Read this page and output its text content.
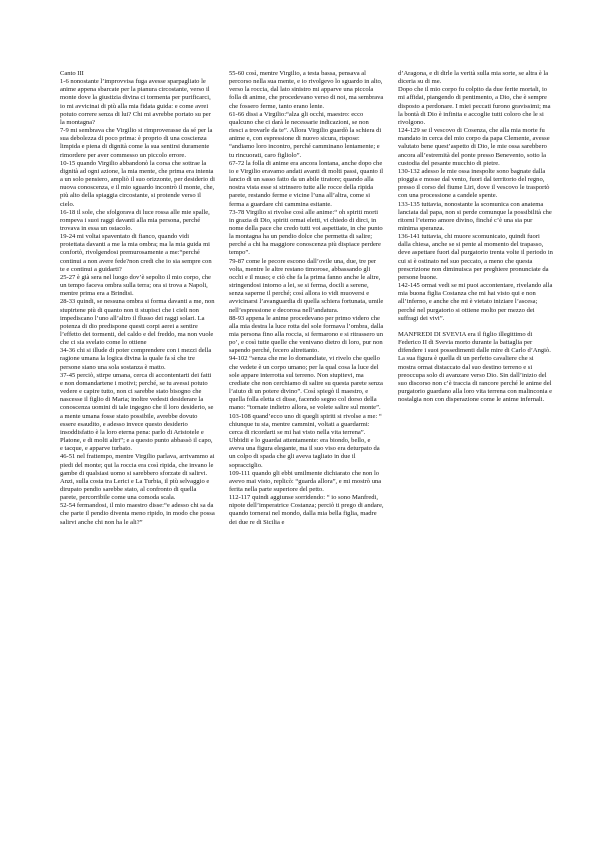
Canto III

1-6 nonostante l’improvvisa fuga avesse sparpagliato le anime appena sbarcate per la pianura circostante, verso il monte dove la giustizia divina ci tormenta per purificarci, io mi avvicinai di più alla mia fidata guida: e come avrei potuto correre senza di lui? Chi mi avrebbe portato su per la montagna?

7-9 mi sembrava che Virgilio si rimproverasse da sé per la sua debolezza di poco prima: è proprio di una coscienza limpida e piena di dignità come la sua sentirsi duramente rimordere per aver commesso un piccolo errore.

10-15 quando Virgilio abbandonò la corsa che sottrae la dignità ad ogni azione, la mia mente, che prima era intenta a un solo pensiero, ampliò il suo orizzonte, per desiderio di nuova conoscenza, e il mio sguardo incontrò il monte, che, più alto della spiaggia circostante, si protende verso il cielo.

16-18 il sole, che sfolgorava di luce rossa alle mie spalle, rompeva i suoi raggi davanti alla mia persona, perché trovava in essa un ostacolo.

19-24 mi voltai spaventato di fianco, quando vidi proiettata davanti a me la mia ombra; ma la mia guida mi confortò, rivolgendosi premurosamente a me:“perché continui a non avere fede?non credi che io sia sempre con te e continui a guidarti?

25-27 è già sera nel luogo dov’è sepolto il mio corpo, che un tempo faceva ombra sulla terra; ora si trova a Napoli, mentre prima era a Brindisi.

28-33 quindi, se nessuna ombra si forma davanti a me, non stupirtene più di quanto non ti stupisci che i cieli non impediscano l’uno all’altro il flusso dei raggi solari. La potenza di dio predispone questi corpi aerei a sentire l’effetto dei tormenti, del caldo e del freddo, ma non vuole che ci sia svelato come lo ottiene

34-36 chi si illude di poter comprendere con i mezzi della ragione umana la logica divina la quale fa sì che tre persone siano una sola sostanza è matto.

37-45 perciò, stirpe umana, cerca di accontentarti dei fatti e non domandartene i motivi; perché, se tu avessi potuto vedere e capire tutto, non ci sarebbe stato bisogno che nascesse il figlio di Maria; inoltre vedesti desiderare la conoscenza uomini di tale ingegno che il loro desiderio, se a mente umana fosse stato possibile, avrebbe dovuto essere esaudito, e adesso invece questo desiderio insoddisfatto è la loro eterna pena: parlo di Aristotele e Platone, e di molti altri”; e a questo punto abbassò il capo, e tacque, e apparve turbato.

46-51 nel frattempo, mentre Virgilio parlava, arrivammo ai piedi del monte; qui la roccia era così ripida, che invano le gambe di qualsiasi uomo si sarebbero sforzate di salirvi. Anzi, sulla costa tra Lerici e La Turbia, il più selvaggio e dirupato pendio sarebbe stato, al confronto di quella parete, percorribile come una comoda scala.

52-54 fermandosi, il mio maestro disse:“e adesso chi sa da che parte il pendio diventa meno ripido, in modo che possa salirvi anche chi non ha le ali?”

55-60 così, mentre Virgilio, a testa bassa, pensava al percorso nella sua mente, e io rivolgevo lo sguardo in alto, verso la roccia, dal lato sinistro mi apparve una piccola folla di anime, che procedevano verso di noi, ma sembrava che fossero ferme, tanto erano lente.

61-66 dissi a Virgilio:“alza gli occhi, maestro: ecco qualcuno che ci darà le necessarie indicazioni, se non riesci a trovarle da te”. Allora Virgilio guardò la schiera di anime e, con espressione di nuovo sicura, rispose: “andiamo loro incontro, perché camminano lentamente; e tu rincuorati, caro figliolo”.

67-72 la folla di anime era ancora lontana, anche dopo che io e Virgilio eravamo andati avanti di molti passi, quanto il lancio di un sasso fatto da un abile tiratore; quando alla nostra vista esse si strinsero tutte alle rocce della ripida parete, restando ferme e vicine l’una all’altra, come si ferma a guardare chi cammina esitante.

73-78 Virgilio si rivolse così alle anime:“ oh spiriti morti in grazia di Dio, spiriti ormai eletti, vi chiedo di dirci, in nome della pace che credo tutti voi aspettiate, in che punto la montagna ha un pendio dolce che permetta di salire; perché a chi ha maggiore conoscenza più dispiace perdere tempo”.

79-87 come le pecore escono dall’ovile una, due, tre per volta, mentre le altre restano timorose, abbassando gli occhi e il muso; e ciò che fa la prima fanno anche le altre, stringendosi intorno a lei, se si ferma, docili a serene, senza saperne il perché; così allora io vidi muoversi e avvicinarsi l’avanguardia di quella schiera fortunata, umile nell’espressione e decorosa nell’andatura.

88-93 appena le anime procedevano per primo videro che alla mia destra la luce rotta del sole formava l’ombra, dalla mia persona fino alla roccia, si fermarono e si ritrassero un po’, e così tutte quelle che venivano dietro di loro, pur non sapendo perché, fecero altrettanto.

94-102 “senza che me lo domandiate, vi rivelo che quello che vedete è un corpo umano; per la qual cosa la luce del sole appare interrotta sul terreno. Non stupitevi, ma crediate che non cerchiamo di salire su questa parete senza l’aiuto di un potere divino”. Così spiegò il maestro, e quella folla eletta ci disse, facendo segno col dorso della mano: “tornate indietro allora, se volete salire sul monte”.

103-108 quand’ecco uno di quegli spiriti si rivolse a me: “ chiunque tu sia, mentre cammini, voltati a guardarmi: cerca di ricordarti se mi hai visto nella vita terrena”. Ubbidii e lo guardai attentamente: era biondo, bello, e aveva una figura elegante, ma il suo viso era deturpato da un colpo di spada che gli aveva tagliato in due il sopracciglio.

109-111 quando gli ebbi umilmente dichiarato che non lo avevo mai visto, replicò: “guarda allora”, e mi mostrò una ferita nella parte superiore del petto.

112-117 quindi aggiunse sorridendo: “ io sono Manfredi, nipote dell’imperatrice Costanza; perciò ti prego di andare, quando tornerai nel mondo, dalla mia bella figlia, madre dei due re di Sicilia e

d’Aragona, e di dirle la verità sulla mia sorte, se altra è la diceria su di me.

Dopo che il mio corpo fu colpito da due ferite mortali, io mi affidai, piangendo di pentimento, a Dio, che è sempre disposto a perdonare. I miei peccati furono gravissimi; ma la bontà di Dio è infinita e accoglie tutti coloro che le si rivolgono.

124-129 se il vescovo di Cosenza, che alla mia morte fu mandato in cerca del mio corpo da papa Clemente, avesse valutato bene quest’aspetto di Dio, le mie ossa sarebbero ancora all’estremità del ponte presso Benevento, sotto la custodia del pesante mucchio di pietre.

130-132 adesso le mie ossa inespolte sono bagnate dalla pioggia e mosse dal vento, fuori dal territorio del regno, presso il corso del fiume Liri, dove il vescovo le trasportò con una processione a candele spente.

133-135 tuttavia, nonostante la scomunica con anatema lanciata dal papa, non si perde comunque la possibilità che ritorni l’eterno amore divino, finché c’è una sia pur minima speranza.

136-141 tuttavia, chi muore scomunicato, quindi fuori dalla chiesa, anche se si pente al momento del trapasso, deve aspettare fuori dal purgatorio trenta volte il periodo in cui si è ostinato nel suo peccato, a meno che questa prescrizione non diminuisca per preghiere pronunciate da persone buone.

142-145 ormai vedi se mi puoi accontentare, rivelando alla mia buona figlia Costanza che mi hai visto qui e non all’inferno, e anche che mi è vietato iniziare l’ascesa; perché nel purgatorio si ottiene molto per mezzo dei suffragi dei vivi”.

MANFREDI DI SVEVIA era il figlio illegittimo di Federico II di Svevia morto durante la battaglia per difendere i suoi possedimenti dalle mire di Carlo d’Angiò. La sua figura è quella di un perfetto cavaliere che si mostra ormai distaccato dal suo destino terreno e si preoccupa solo di avanzare verso Dio. Sin dall’inizio del suo discorso non c’è traccia di rancore perché le anime del purgatorio guardano alla loro vita terrena con malinconia e nostalgia non con disperazione come le anime infernali.
